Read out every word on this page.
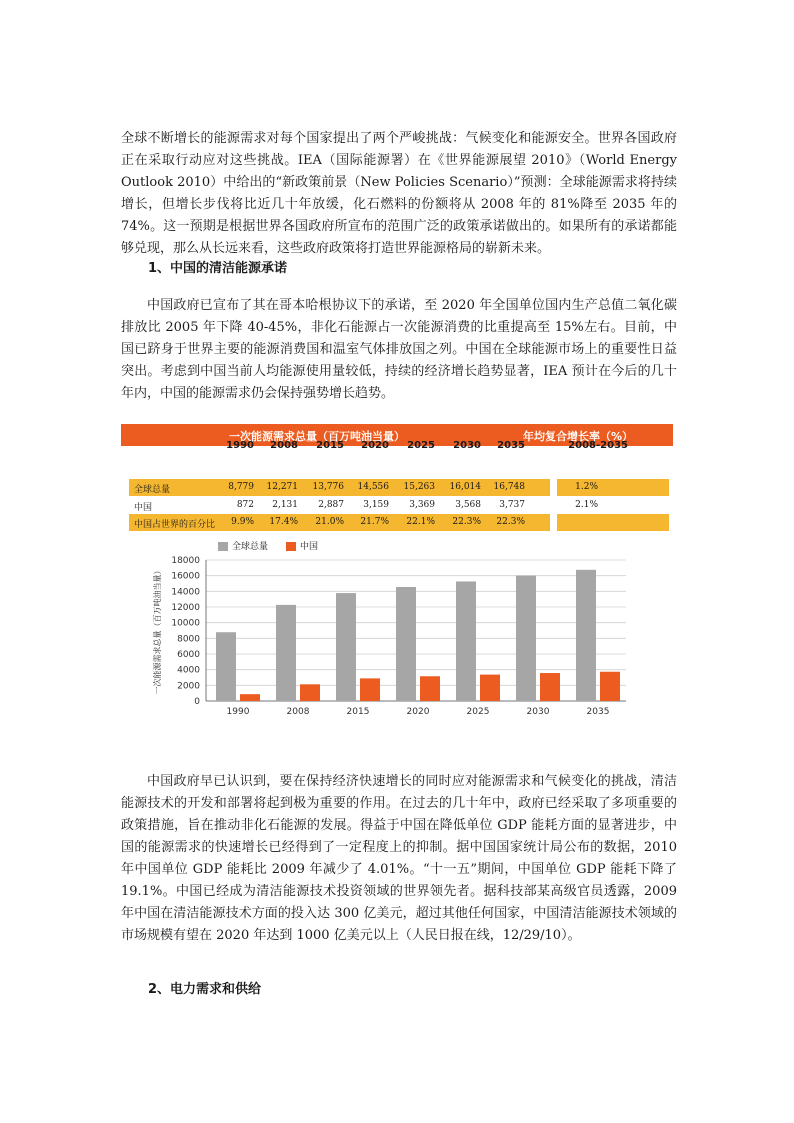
全球不断增长的能源需求对每个国家提出了两个严峻挑战：气候变化和能源安全。世界各国政府正在采取行动应对这些挑战。IEA（国际能源署）在《世界能源展望 2010》（World Energy Outlook 2010）中给出的“新政策前景（New Policies Scenario）”预测：全球能源需求将持续增长，但增长步伐将比近几十年放缓，化石燃料的份额将从 2008 年的 81%降至 2035 年的 74%。这一预期是根据世界各国政府所宣布的范围广泛的政策承诺做出的。如果所有的承诺都能够兑现，那么从长远来看，这些政府政策将打造世界能源格局的崭新未来。

1、中国的清洁能源承诺

中国政府已宣布了其在哥本哈根协议下的承诺，至 2020 年全国单位国内生产总值二氧化碳排放比 2005 年下降 40-45%，非化石能源占一次能源消费的比重提高至 15%左右。目前，中国已跻身于世界主要的能源消费国和温室气体排放国之列。中国在全球能源市场上的重要性日益突出。考虑到中国当前人均能源使用量较低，持续的经济增长趋势显著，IEA 预计在今后的几十年内，中国的能源需求仍会保持强势增长趋势。

一次能源需求总量（百万吨油当量）	年均复合增长率（%）
1990	2008	2015	2020	2025	2030	2035	2008-2035
全球总量	8,779	12,271	13,776	14,556	15,263	16,014	16,748	1.2%
中国	872	2,131	2,887	3,159	3,369	3,568	3,737	2.1%
中国占世界的百分比	9.9%	17.4%	21.0%	21.7%	22.1%	22.3%	22.3%
全球总量	中国
0
2000
4000
6000
8000
10000
12000
14000
16000
18000
一次能源需求总量（百万吨油当量）
1990	2008	2015	2020	2025	2030	2035

中国政府早已认识到，要在保持经济快速增长的同时应对能源需求和气候变化的挑战，清洁能源技术的开发和部署将起到极为重要的作用。在过去的几十年中，政府已经采取了多项重要的政策措施，旨在推动非化石能源的发展。得益于中国在降低单位 GDP 能耗方面的显著进步，中国的能源需求的快速增长已经得到了一定程度上的抑制。据中国国家统计局公布的数据，2010 年中国单位 GDP 能耗比 2009 年减少了 4.01%。“十一五”期间，中国单位 GDP 能耗下降了 19.1%。中国已经成为清洁能源技术投资领域的世界领先者。据科技部某高级官员透露，2009 年中国在清洁能源技术方面的投入达 300 亿美元，超过其他任何国家，中国清洁能源技术领域的市场规模有望在 2020 年达到 1000 亿美元以上（人民日报在线，12/29/10）。

2、电力需求和供给
